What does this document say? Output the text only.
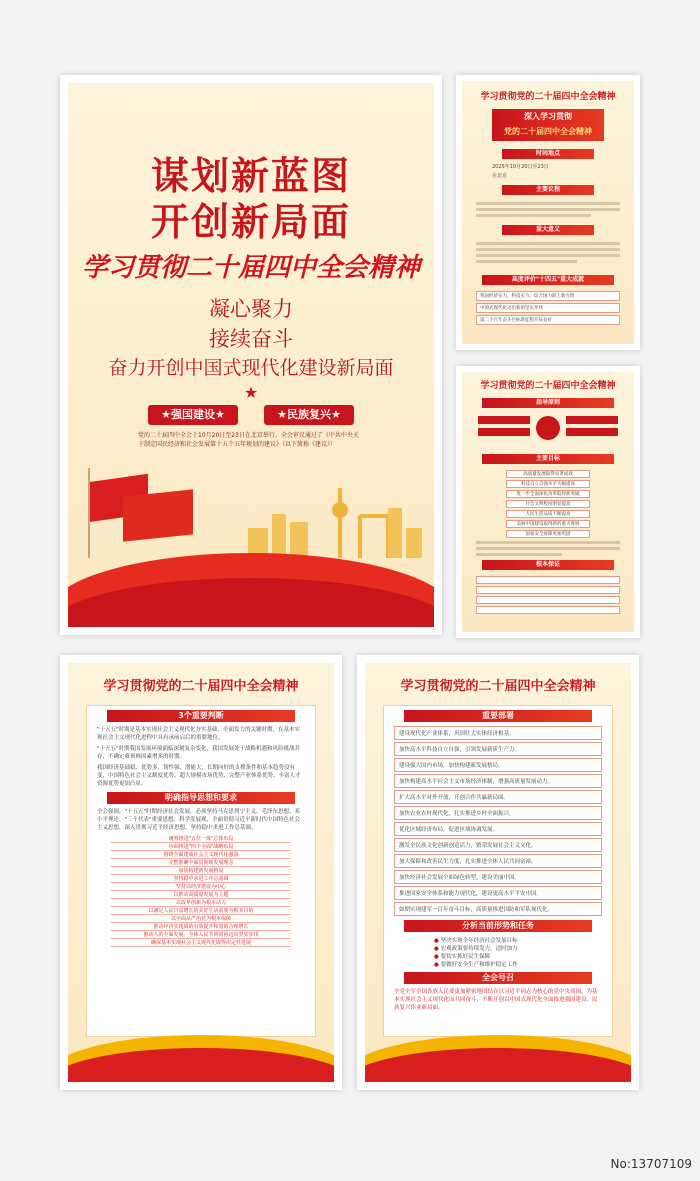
谋划新蓝图
开创新局面
学习贯彻二十届四中全会精神
凝心聚力
接续奋斗
奋力开创中国式现代化建设新局面
★
★强国建设★	★民族复兴★
党的二十届四中全会于10月20日至23日在北京举行。全会审议通过了《中共中央关于制定国民经济和社会发展第十五个五年规划的建议》（以下简称《建议》）
学习贯彻党的二十届四中全会精神
深入学习贯彻
党的二十届四中全会精神
时间地点
2025年10月20日至23日
在北京
主要议程
重大意义
高度评价"十四五"重大成就
我国经济实力、科技实力、综合国力跃上新台阶
中国式现代化迈出新的坚实步伐
第二个百年奋斗目标新征程开局良好
学习贯彻党的二十届四中全会精神
指导原则
主要目标
高质量发展取得显著成效
科技自立自强水平大幅提高
进一步全面深化改革取得新突破
社会文明程度明显提高
人民生活品质不断提高
美丽中国建设取得新的重大进展
国家安全屏障更加巩固
根本保证
学习贯彻党的二十届四中全会精神
3个重要判断
"十五五"时期是基本实现社会主义现代化夯实基础、全面发力的关键时期，在基本实现社会主义现代化进程中具有承前启后的重要地位。
"十五五"时期我国发展环境面临深刻复杂变化，我国发展处于战略机遇和风险挑战并存、不确定难预料因素增多的时期。
我国经济基础稳、优势多、韧性强、潜能大，长期向好的支撑条件和基本趋势没有变，中国特色社会主义制度优势、超大规模市场优势、完整产业体系优势、丰富人才资源优势更加凸显。
明确指导思想和要求
全会强调，"十五五"时期经济社会发展，必须坚持马克思列宁主义、毛泽东思想、邓小平理论、"三个代表"重要思想、科学发展观，全面贯彻习近平新时代中国特色社会主义思想，深入贯彻习近平经济思想，坚持稳中求进工作总基调。
统筹推进"五位一体"总体布局
协调推进"四个全面"战略布局
围绕全面建成社会主义现代化强国
完整准确全面贯彻新发展理念
加快构建新发展格局
坚持稳中求进工作总基调
坚持以经济建设为中心
以推动高质量发展为主题
以改革创新为根本动力
以满足人民日益增长的美好生活需要为根本目的
以全面从严治党为根本保障
推动经济实现质的有效提升和量的合理增长
推动人的全面发展、全体人民共同富裕迈出坚实步伐
确保基本实现社会主义现代化取得决定性进展
学习贯彻党的二十届四中全会精神
重要部署
建设现代化产业体系，巩固壮大实体经济根基。
加快高水平科技自立自强，引领发展新质生产力。
建设强大国内市场，加快构建新发展格局。
加快构建高水平社会主义市场经济体制，增强高质量发展动力。
扩大高水平对外开放，开创合作共赢新局面。
加快农业农村现代化，扎实推进乡村全面振兴。
优化区域经济布局，促进区域协调发展。
激发全民族文化创新创造活力，繁荣发展社会主义文化。
加大保障和改善民生力度，扎实推进全体人民共同富裕。
加快经济社会发展全面绿色转型，建设美丽中国。
推进国家安全体系和能力现代化，建设更高水平平安中国。
如期实现建军一百年奋斗目标，高质量推进国防和军队现代化。
分析当前形势和任务
● 坚决实现全年经济社会发展目标
● 宏观政策要持续发力，适时加力
● 要切实抓好民生保障
● 要做好安全生产和维护稳定工作
全会号召
全党全军全国各族人民要更加紧密地团结在以习近平同志为核心的党中央周围，为基本实现社会主义现代化而共同奋斗，不断开创以中国式现代化全面推进强国建设、民族复兴伟业新局面。
No:13707109
